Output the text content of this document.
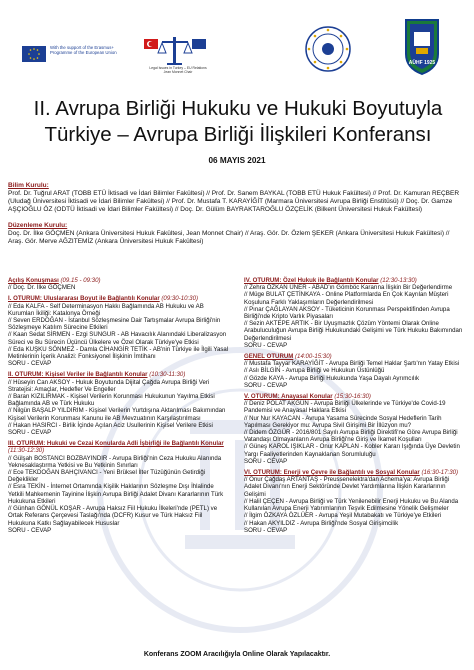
With the support of the Erasmus+ Programme of the European Union
Legal Issues in Turkey – EU Relations
Jean Monnet Chair
AÜHF 1925
II. Avrupa Birliği Hukuku ve Hukuki Boyutuyla Türkiye – Avrupa Birliği İlişkileri Konferansı
06 MAYIS 2021
Bilim Kurulu:
Prof. Dr. Tuğrul ARAT (TOBB ETÜ İktisadi ve İdari Bilimler Fakültesi) // Prof. Dr. Sanem BAYKAL (TOBB ETÜ Hukuk Fakültesi) // Prof. Dr. Kamuran REÇBER (Uludağ Üniversitesi İktisadi ve İdari Bilimler Fakültesi) // Prof. Dr. Mustafa T. KARAYİĞİT (Marmara Üniversitesi Avrupa Birliği Enstitüsü) // Doç. Dr. Gamze AŞÇIOĞLU ÖZ (ODTÜ İktisadi ve İdari Bilimler Fakültesi) // Doç. Dr. Gülüm BAYRAKTAROĞLU ÖZÇELİK (Bilkent Üniversitesi Hukuk Fakültesi)
Düzenleme Kurulu:
Doç. Dr. İlke GÖÇMEN (Ankara Üniversitesi Hukuk Fakültesi, Jean Monnet Chair) // Araş. Gör. Dr. Özlem ŞEKER (Ankara Üniversitesi Hukuk Fakültesi) // Araş. Gör. Merve AĞZITEMİZ (Ankara Üniversitesi Hukuk Fakültesi)
Açılış Konuşması (09.15 - 09:30)
// Doç. Dr. İlke GÖÇMEN
I. OTURUM: Uluslararası Boyut ile Bağlantılı Konular (09:30-10:30)
// Eda KALFA - Self Determinasyon Hakkı Bağlamında AB Hukuku ve AB Kurumları İkiliği: Katalonya Örneği
// Seven ERDOĞAN - İstanbul Sözleşmesine Dair Tartışmalar Avrupa Birliği'nin Sözleşmeye Katılım Sürecine Etkileri
// Kaan Sedat SİRMEN - Ezgi SUNGUR - AB Havacılık Alanındaki Liberalizasyon Süreci ve Bu Sürecin Üçüncü Ülkelere ve Özel Olarak Türkiye'ye Etkisi
// Eda KUŞKU SÖNMEZ - Damla CİHANGİR TETİK - AB'nin Türkiye ile İlgili Yasal Metinlerinin İçerik Analizi: Fonksiyonel İlişkinin İmtihanı
SORU - CEVAP
II. OTURUM: Kişisel Veriler ile Bağlantılı Konular (10:30-11:30)
// Hüseyin Can AKSOY - Hukuk Boyutunda Dijital Çağda Avrupa Birliği Veri Stratejisi: Amaçlar, Hedefler Ve Engeller
// Baran KIZILIRMAK - Kişisel Verilerin Korunması Hukukunun Yayılma Etkisi Bağlamında AB ve Türk Hukuku
// Nilgün BAŞALP YILDIRIM - Kişisel Verilerin Yurtdışına Aktarılması Bakımından Kişisel Verilerin Korunması Kanunu ile AB Mevzuatının Karşılaştırılması
// Hakan HASIRCI - Birlik İçinde Açılan Aciz Usullerinin Kişisel Verilere Etkisi
SORU - CEVAP
III. OTURUM: Hukuki ve Cezai Konularda Adli İşbirliği ile Bağlantılı Konular (11:30-12:30)
// Gülşah BOSTANCI BOZBAYINDIR - Avrupa Birliği'nin Ceza Hukuku Alanında Yeknesaklaştırma Yetkisi ve Bu Yetkinin Sınırları
// Ece TEKDOĞAN BAHÇIVANCI - Yeni Brüksel İlter Tüzüğünün Getirdiği Değeklikler
// Esra TEKİN - İnternet Ortamında Kişilik Haklarının Sözleşme Dışı İhlalinde Yetkili Mahkemenin Tayinine İlişkin Avrupa Birliği Adalet Divanı Kararlarının Türk Hukukuna Etkileri
// Günhan GÖNÜL KOŞAR - Avrupa Haksız Fiil Hukuku İlkeleri'nde (PETL) ve Ortak Referans Çerçevesi Taslağı'nda (DCFR) Kusur ve Türk Haksız Fiil Hukukuna Katkı Sağlayabilecek Hususlar
SORU - CEVAP
IV. OTURUM: Özel Hukuk ile Bağlantılı Konular (12:30-13:30)
// Zehra ÖZKAN ÜNER - ABAD'ın Gömböc Kararına İlişkin Bir Değerlendirme
// Müge BULAT ÇETİNKAYA - Online Platformlarda En Çok Kayrılan Müşteri Koşuluna Farklı Yaklaşımların Değerlendirilmesi
// Pınar ÇAĞLAYAN AKSOY - Tüketicinin Korunması Perspektifinden Avrupa Birliği'nde Kripto Varlık Piyasaları
// Sezin AKTEPE ARTIK - Bir Uyuşmazlık Çözüm Yöntemi Olarak Online Arabuluculuğun Avrupa Birliği Hukukundaki Gelişimi ve Türk Hukuku Bakımından Değerlendirilmesi
SORU - CEVAP
GENEL OTURUM (14:00-15:30)
// Mustafa Tayyar KARAYİĞİT - Avrupa Birliği Temel Haklar Şartı'nın Yatay Etkisi
// Aslı BİLGİN - Avrupa Birliği ve Hukukun Üstünlüğü
// Gözde KAYA - Avrupa Birliği Hukukunda Yaşa Dayalı Ayrımcılık
SORU - CEVAP
V. OTURUM: Anayasal Konular (15:30-16:30)
// Deniz POLAT AKGÜN - Avrupa Birliği Ülkelerinde ve Türkiye'de Covid-19 Pandemisi ve Anayasal Haklara Etkisi
// Nur Nur KAYACAN - Avrupa Yasama Sürecinde Sosyal Hedeflerin Tarih Yapılması Gerekiyor mu: Avrupa Sivil Girişimi Bir İllüzyon mu?
// Didem ÖZGÜR - 2016/801 Sayılı Avrupa Birliği Direktifi'ne Göre Avrupa Birliği Vatandaşı Olmayanların Avrupa Birliği'ne Giriş ve İkamet Koşulları
// Güneş KAROL IŞIKLAR - Onur KAPLAN - Kobler Kararı Işığında Üye Devletin Yargı Faaliyetlerinden Kaynaklanan Sorumluluğu
SORU - CEVAP
VI. OTURUM: Enerji ve Çevre ile Bağlantılı ve Sosyal Konular (16:30-17:30)
// Onur Çağdaş ARTANTAŞ - Preussenelektra'dan Achema'ya: Avrupa Birliği Adalet Divanı'nın Enerji Sektöründe Devlet Yardımlarına İlişkin Kararlarının Gelişimi
// Halil ÇEÇEN - Avrupa Birliği ve Türk Yenilenebilir Enerji Hukuku ve Bu Alanda Kullanılan Avrupa Enerji Yatırımlarının Teşvik Edilmesine Yönelik Gelişmeler
// İlgim ÖZKAYA ÖZLÜER - Avrupa Yeşil Mutabakatı ve Türkiye'ye Etkileri
// Hakan AKYILDIZ - Avrupa Birliği'nde Sosyal Girişimcilik
SORU - CEVAP
Konferans ZOOM Aracılığıyla Online Olarak Yapılacaktır.
